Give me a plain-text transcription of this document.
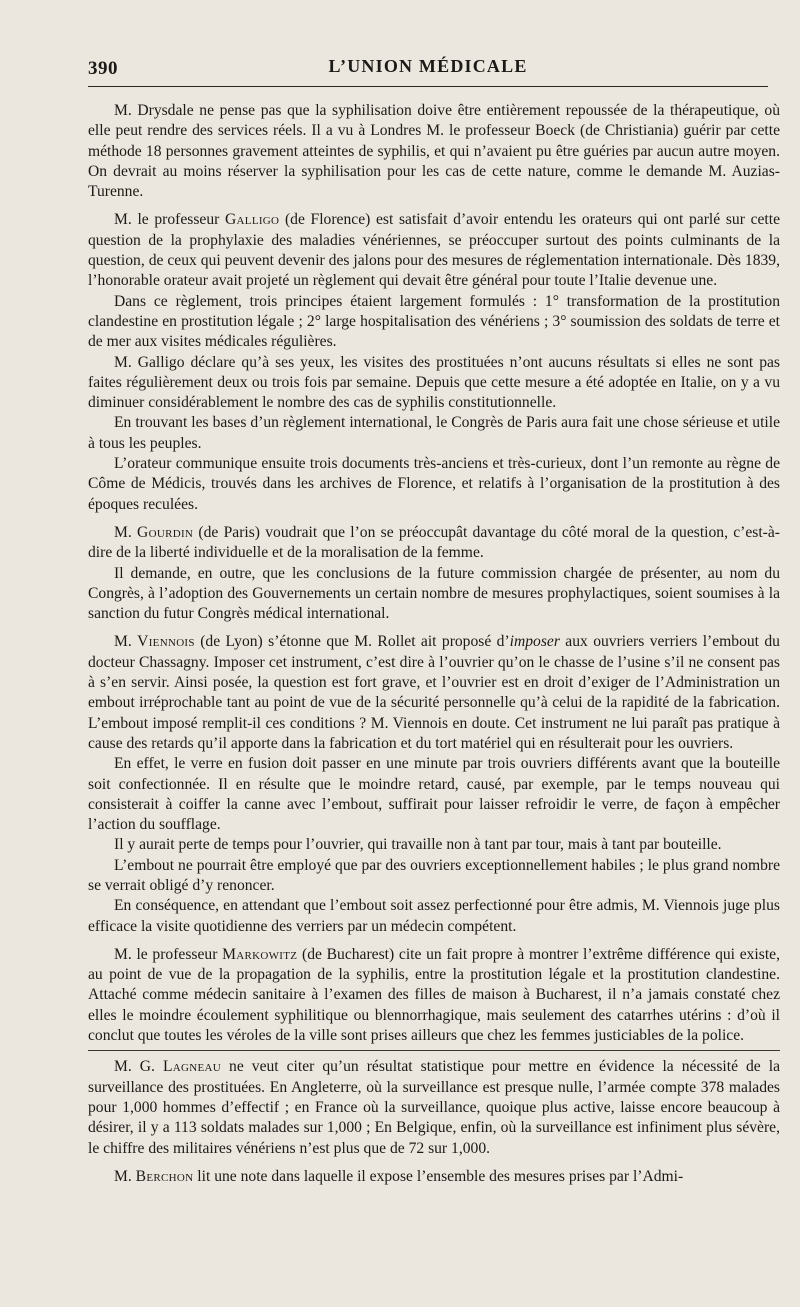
390	L’UNION MÉDICALE

M. Drysdale ne pense pas que la syphilisation doive être entièrement repoussée de la thérapeutique, où elle peut rendre des services réels. Il a vu à Londres M. le professeur Boeck (de Christiania) guérir par cette méthode 18 personnes gravement atteintes de syphilis, et qui n’avaient pu être guéries par aucun autre moyen. On devrait au moins réserver la syphilisation pour les cas de cette nature, comme le demande M. Auzias-Turenne.

M. le professeur Galligo (de Florence) est satisfait d’avoir entendu les orateurs qui ont parlé sur cette question de la prophylaxie des maladies vénériennes, se préoccuper surtout des points culminants de la question, de ceux qui peuvent devenir des jalons pour des mesures de réglementation internationale. Dès 1839, l’honorable orateur avait projeté un règlement qui devait être général pour toute l’Italie devenue une.

Dans ce règlement, trois principes étaient largement formulés : 1° transformation de la prostitution clandestine en prostitution légale ; 2° large hospitalisation des vénériens ; 3° soumission des soldats de terre et de mer aux visites médicales régulières.

M. Galligo déclare qu’à ses yeux, les visites des prostituées n’ont aucuns résultats si elles ne sont pas faites régulièrement deux ou trois fois par semaine. Depuis que cette mesure a été adoptée en Italie, on y a vu diminuer considérablement le nombre des cas de syphilis constitutionnelle.

En trouvant les bases d’un règlement international, le Congrès de Paris aura fait une chose sérieuse et utile à tous les peuples.

L’orateur communique ensuite trois documents très-anciens et très-curieux, dont l’un remonte au règne de Côme de Médicis, trouvés dans les archives de Florence, et relatifs à l’organisation de la prostitution à des époques reculées.

M. Gourdin (de Paris) voudrait que l’on se préoccupât davantage du côté moral de la question, c’est-à-dire de la liberté individuelle et de la moralisation de la femme.

Il demande, en outre, que les conclusions de la future commission chargée de présenter, au nom du Congrès, à l’adoption des Gouvernements un certain nombre de mesures prophylactiques, soient soumises à la sanction du futur Congrès médical international.

M. Viennois (de Lyon) s’étonne que M. Rollet ait proposé d’imposer aux ouvriers verriers l’embout du docteur Chassagny. Imposer cet instrument, c’est dire à l’ouvrier qu’on le chasse de l’usine s’il ne consent pas à s’en servir. Ainsi posée, la question est fort grave, et l’ouvrier est en droit d’exiger de l’Administration un embout irréprochable tant au point de vue de la sécurité personnelle qu’à celui de la rapidité de la fabrication. L’embout imposé remplit-il ces conditions ? M. Viennois en doute. Cet instrument ne lui paraît pas pratique à cause des retards qu’il apporte dans la fabrication et du tort matériel qui en résulterait pour les ouvriers.

En effet, le verre en fusion doit passer en une minute par trois ouvriers différents avant que la bouteille soit confectionnée. Il en résulte que le moindre retard, causé, par exemple, par le temps nouveau qui consisterait à coiffer la canne avec l’embout, suffirait pour laisser refroidir le verre, de façon à empêcher l’action du soufflage.

Il y aurait perte de temps pour l’ouvrier, qui travaille non à tant par tour, mais à tant par bouteille.

L’embout ne pourrait être employé que par des ouvriers exceptionnellement habiles ; le plus grand nombre se verrait obligé d’y renoncer.

En conséquence, en attendant que l’embout soit assez perfectionné pour être admis, M. Viennois juge plus efficace la visite quotidienne des verriers par un médecin compétent.

M. le professeur Markowitz (de Bucharest) cite un fait propre à montrer l’extrême différence qui existe, au point de vue de la propagation de la syphilis, entre la prostitution légale et la prostitution clandestine. Attaché comme médecin sanitaire à l’examen des filles de maison à Bucharest, il n’a jamais constaté chez elles le moindre écoulement syphilitique ou blennorrhagique, mais seulement des catarrhes utérins : d’où il conclut que toutes les véroles de la ville sont prises ailleurs que chez les femmes justiciables de la police.

M. G. Lagneau ne veut citer qu’un résultat statistique pour mettre en évidence la nécessité de la surveillance des prostituées. En Angleterre, où la surveillance est presque nulle, l’armée compte 378 malades pour 1,000 hommes d’effectif ; en France où la surveillance, quoique plus active, laisse encore beaucoup à désirer, il y a 113 soldats malades sur 1,000 ; En Belgique, enfin, où la surveillance est infiniment plus sévère, le chiffre des militaires vénériens n’est plus que de 72 sur 1,000.

M. Berchon lit une note dans laquelle il expose l’ensemble des mesures prises par l’Admi-
